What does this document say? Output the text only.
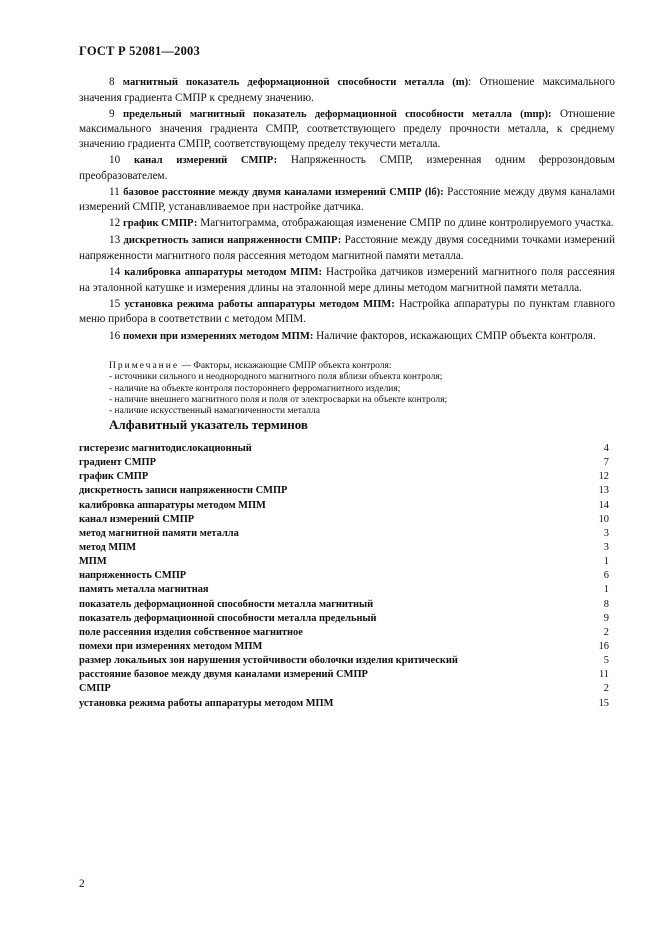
ГОСТ Р 52081—2003

8 магнитный показатель деформационной способности металла (m): Отношение максимального значения градиента СМПР к среднему значению.

9 предельный магнитный показатель деформационной способности металла (mпр): Отношение максимального значения градиента СМПР, соответствующего пределу прочности металла, к среднему значению градиента СМПР, соответствующему пределу текучести металла.

10 канал измерений СМПР: Напряженность СМПР, измеренная одним феррозондовым преобразователем.

11 базовое расстояние между двумя каналами измерений СМПР (lб): Расстояние между двумя каналами измерений СМПР, устанавливаемое при настройке датчика.

12 график СМПР: Магнитограмма, отображающая изменение СМПР по длине контролируемого участка.

13 дискретность записи напряженности СМПР: Расстояние между двумя соседними точками измерений напряженности магнитного поля рассеяния методом магнитной памяти металла.

14 калибровка аппаратуры методом МПМ: Настройка датчиков измерений магнитного поля рассеяния на эталонной катушке и измерения длины на эталонной мере длины методом магнитной памяти металла.

15 установка режима работы аппаратуры методом МПМ: Настройка аппаратуры по пунктам главного меню прибора в соответствии с методом МПМ.

16 помехи при измерениях методом МПМ: Наличие факторов, искажающих СМПР объекта контроля.

Примечание — Факторы, искажающие СМПР объекта контроля:
- источники сильного и неоднородного магнитного поля вблизи объекта контроля;
- наличие на объекте контроля постороннего ферромагнитного изделия;
- наличие внешнего магнитного поля и поля от электросварки на объекте контроля;
- наличие искусственный намагниченности металла
Алфавитный указатель терминов
гистерезис магнитодислокационный	4
градиент СМПР	7
график СМПР	12
дискретность записи напряженности СМПР	13
калибровка аппаратуры методом МПМ	14
канал измерений СМПР	10
метод магнитной памяти металла	3
метод МПМ	3
МПМ	1
напряженность СМПР	6
память металла магнитная	1
показатель деформационной способности металла магнитный	8
показатель деформационной способности металла предельный	9
поле рассеяния изделия собственное магнитное	2
помехи при измерениях методом МПМ	16
размер локальных зон нарушения устойчивости оболочки изделия критический	5
расстояние базовое между двумя каналами измерений СМПР	11
СМПР	2
установка режима работы аппаратуры методом МПМ	15
2
